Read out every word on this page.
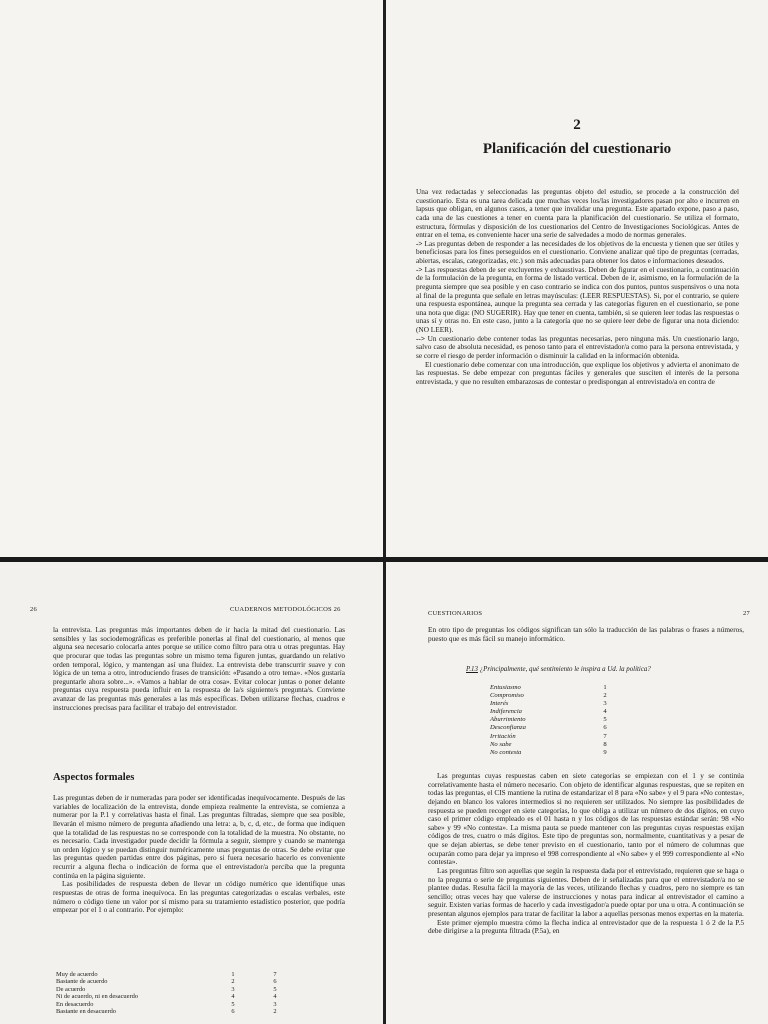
2
Planificación del cuestionario

Una vez redactadas y seleccionadas las preguntas objeto del estudio, se procede a la construcción del cuestionario. Esta es una tarea delicada que muchas veces los/las investigadores pasan por alto e incurren en lapsus que obligan, en algunos casos, a tener que invalidar una pregunta. Este apartado expone, paso a paso, cada una de las cuestiones a tener en cuenta para la planificación del cuestionario. Se utiliza el formato, estructura, fórmulas y disposición de los cuestionarios del Centro de Investigaciones Sociológicas. Antes de entrar en el tema, es conveniente hacer una serie de salvedades a modo de normas generales.

-> Las preguntas deben de responder a las necesidades de los objetivos de la encuesta y tienen que ser útiles y beneficiosas para los fines perseguidos en el cuestionario. Conviene analizar qué tipo de preguntas (cerradas, abiertas, escalas, categorizadas, etc.) son más adecuadas para obtener los datos e informaciones deseados.

-> Las respuestas deben de ser excluyentes y exhaustivas. Deben de figurar en el cuestionario, a continuación de la formulación de la pregunta, en forma de listado vertical. Deben de ir, asimismo, en la formulación de la pregunta siempre que sea posible y en caso contrario se indica con dos puntos, puntos suspensivos o una nota al final de la pregunta que señale en letras mayúsculas: (LEER RESPUESTAS). Si, por el contrario, se quiere una respuesta espontánea, aunque la pregunta sea cerrada y las categorías figuren en el cuestionario, se pone una nota que diga: (NO SUGERIR). Hay que tener en cuenta, también, si se quieren leer todas las respuestas o unas sí y otras no. En este caso, junto a la categoría que no se quiere leer debe de figurar una nota diciendo: (NO LEER).

--> Un cuestionario debe contener todas las preguntas necesarias, pero ninguna más. Un cuestionario largo, salvo caso de absoluta necesidad, es penoso tanto para el entrevistador/a como para la persona entrevistada, y se corre el riesgo de perder información o disminuir la calidad en la información obtenida.

El cuestionario debe comenzar con una introducción, que explique los objetivos y advierta el anonimato de las respuestas. Se debe empezar con preguntas fáciles y generales que susciten el interés de la persona entrevistada, y que no resulten embarazosas de contestar o predispongan al entrevistado/a en contra de

26	CUADERNOS METODOLÓGICOS 26
la entrevista. Las preguntas más importantes deben de ir hacia la mitad del cuestionario. Las sensibles y las sociodemográficas es preferible ponerlas al final del cuestionario, al menos que alguna sea necesario colocarla antes porque se utilice como filtro para otra u otras preguntas. Hay que procurar que todas las preguntas sobre un mismo tema figuren juntas, guardando un relativo orden temporal, lógico, y mantengan así una fluidez. La entrevista debe transcurrir suave y con lógica de un tema a otro, introduciendo frases de transición: «Pasando a otro tema». «Nos gustaría preguntarle ahora sobre...». «Vamos a hablar de otra cosa». Evitar colocar juntas o poner delante preguntas cuya respuesta pueda influir en la respuesta de la/s siguiente/s pregunta/s. Conviene avanzar de las preguntas más generales a las más específicas. Deben utilizarse flechas, cuadros e instrucciones precisas para facilitar el trabajo del entrevistador.
Aspectos formales

Las preguntas deben de ir numeradas para poder ser identificadas inequívocamente. Después de las variables de localización de la entrevista, donde empieza realmente la entrevista, se comienza a numerar por la P.1 y correlativas hasta el final. Las preguntas filtradas, siempre que sea posible, llevarán el mismo número de pregunta añadiendo una letra: a, b, c, d, etc., de forma que indiquen que la totalidad de las respuestas no se corresponde con la totalidad de la muestra. No obstante, no es necesario. Cada investigador puede decidir la fórmula a seguir, siempre y cuando se mantenga un orden lógico y se puedan distinguir numéricamente unas preguntas de otras. Se debe evitar que las preguntas queden partidas entre dos páginas, pero si fuera necesario hacerlo es conveniente recurrir a alguna flecha o indicación de forma que el entrevistador/a perciba que la pregunta continúa en la página siguiente.

Las posibilidades de respuesta deben de llevar un código numérico que identifique unas respuestas de otras de forma inequívoca. En las preguntas categorizadas o escalas verbales, este número o código tiene un valor por sí mismo para su tratamiento estadístico posterior, que podría empezar por el 1 o al contrario. Por ejemplo:

Muy de acuerdo	1	7
Bastante de acuerdo	2	6
De acuerdo	3	5
Ni de acuerdo, ni en desacuerdo	4	4
En desacuerdo	5	3
Bastante en desacuerdo	6	2
CUESTIONARIOS	27
En otro tipo de preguntas los códigos significan tan sólo la traducción de las palabras o frases a números, puesto que es más fácil su manejo informático.
P.13 ¿Principalmente, qué sentimiento le inspira a Ud. la política?
Entusiasmo	1
Compromiso	2
Interés	3
Indiferencia	4
Aburrimiento	5
Desconfianza	6
Irritación	7
No sabe	8
No contesta	9

Las preguntas cuyas respuestas caben en siete categorías se empiezan con el 1 y se continúa correlativamente hasta el número necesario. Con objeto de identificar algunas respuestas, que se repiten en todas las preguntas, el CIS mantiene la rutina de estandarizar el 8 para «No sabe» y el 9 para «No contesta», dejando en blanco los valores intermedios si no requieren ser utilizados. No siempre las posibilidades de respuesta se pueden recoger en siete categorías, lo que obliga a utilizar un número de dos dígitos, en cuyo caso el primer código empleado es el 01 hasta n y los códigos de las respuestas estándar serán: 98 «No sabe» y 99 «No contesta». La misma pauta se puede mantener con las preguntas cuyas respuestas exijan códigos de tres, cuatro o más dígitos. Este tipo de preguntas son, normalmente, cuantitativas y a pesar de que se dejan abiertas, se debe tener previsto en el cuestionario, tanto por el número de columnas que ocuparán como para dejar ya impreso el 998 correspondiente al «No sabe» y el 999 correspondiente al «No contesta».

Las preguntas filtro son aquellas que según la respuesta dada por el entrevistado, requieren que se haga o no la pregunta o serie de preguntas siguientes. Deben de ir señalizadas para que el entrevistador/a no se plantee dudas. Resulta fácil la mayoría de las veces, utilizando flechas y cuadros, pero no siempre es tan sencillo; otras veces hay que valerse de instrucciones y notas para indicar al entrevistador el camino a seguir. Existen varias formas de hacerlo y cada investigador/a puede optar por una u otra. A continuación se presentan algunos ejemplos para tratar de facilitar la labor a aquellas personas menos expertas en la materia.

Este primer ejemplo muestra cómo la flecha indica al entrevistador que de la respuesta 1 ó 2 de la P.5 debe dirigirse a la pregunta filtrada (P.5a), en
